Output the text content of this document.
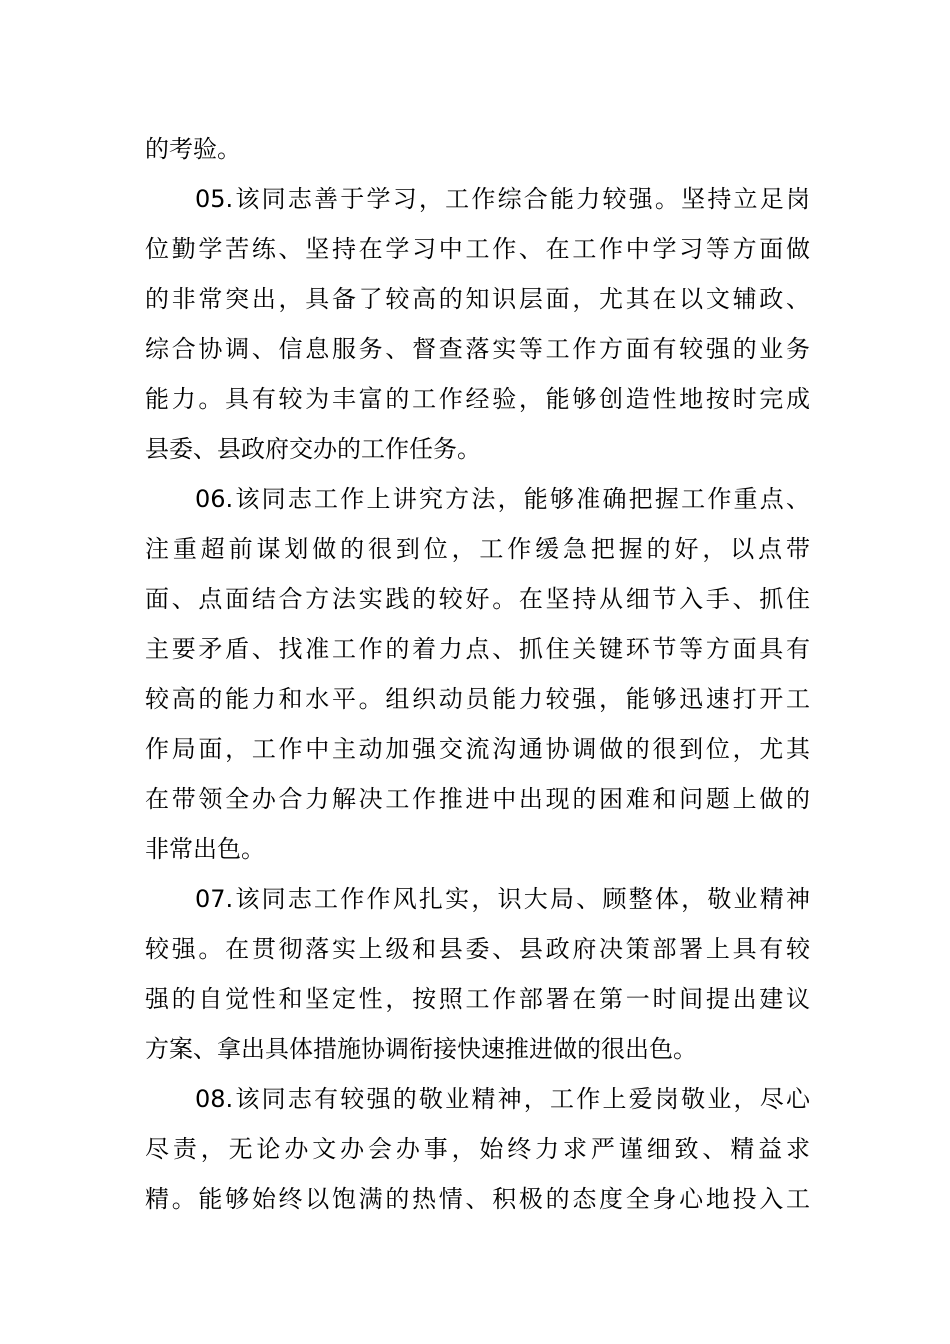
的考验。
05.该同志善于学习，工作综合能力较强。坚持立足岗
位勤学苦练、坚持在学习中工作、在工作中学习等方面做
的非常突出，具备了较高的知识层面，尤其在以文辅政、
综合协调、信息服务、督查落实等工作方面有较强的业务
能力。具有较为丰富的工作经验，能够创造性地按时完成
县委、县政府交办的工作任务。
06.该同志工作上讲究方法，能够准确把握工作重点、
注重超前谋划做的很到位，工作缓急把握的好，以点带
面、点面结合方法实践的较好。在坚持从细节入手、抓住
主要矛盾、找准工作的着力点、抓住关键环节等方面具有
较高的能力和水平。组织动员能力较强，能够迅速打开工
作局面，工作中主动加强交流沟通协调做的很到位，尤其
在带领全办合力解决工作推进中出现的困难和问题上做的
非常出色。
07.该同志工作作风扎实，识大局、顾整体，敬业精神
较强。在贯彻落实上级和县委、县政府决策部署上具有较
强的自觉性和坚定性，按照工作部署在第一时间提出建议
方案、拿出具体措施协调衔接快速推进做的很出色。
08.该同志有较强的敬业精神，工作上爱岗敬业，尽心
尽责，无论办文办会办事，始终力求严谨细致、精益求
精。能够始终以饱满的热情、积极的态度全身心地投入工
